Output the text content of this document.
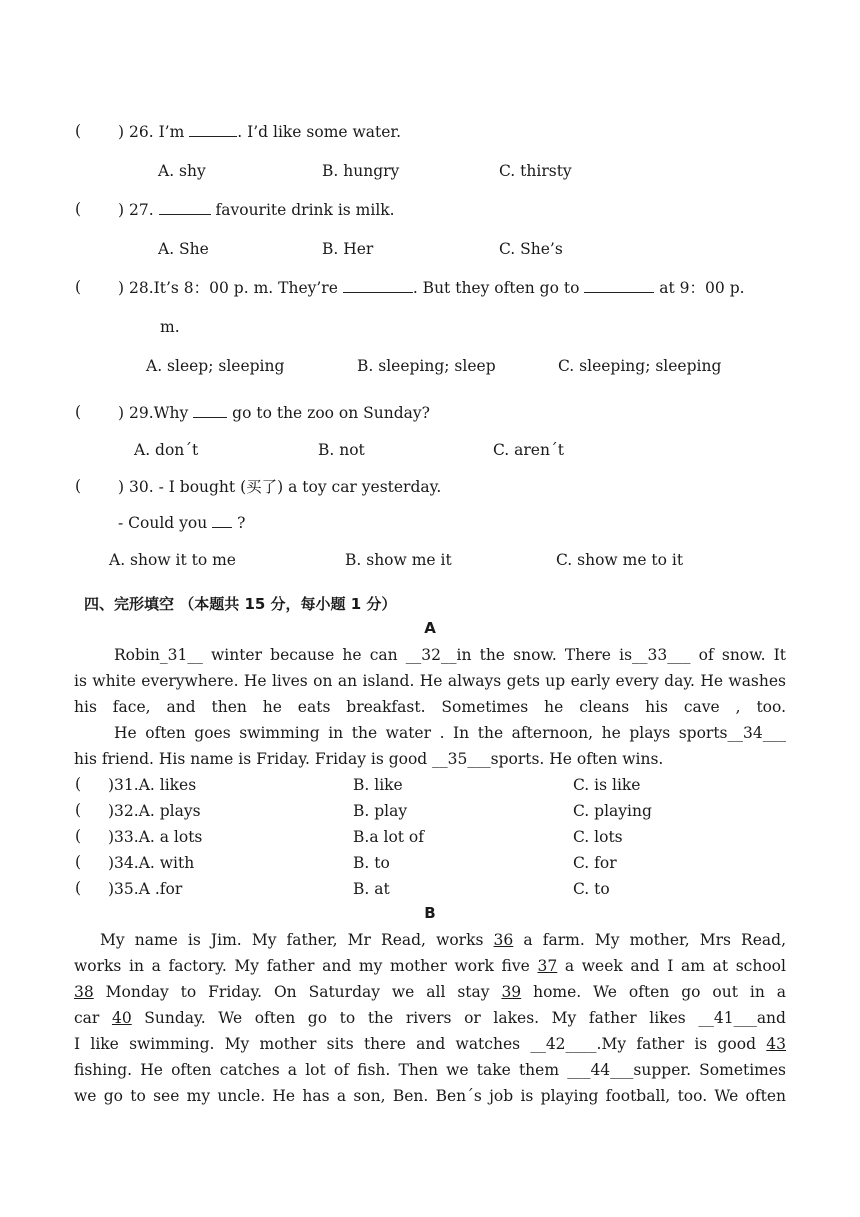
( ) 26. I’m	. I’d like some water.
A. shy	B. hungry	C. thirsty
( ) 27.	favourite drink is milk.
A. She	B. Her	C. She’s
( ) 28.It’s 8：00 p. m. They’re	. But they often go to	at 9：00 p.
m.
A. sleep; sleeping	B. sleeping; sleep	C. sleeping; sleeping
( ) 29.Why	go to the zoo on Sunday?
A. don´t	B. not	C. aren´t
( ) 30. - I bought (买了) a toy car yesterday.
- Could you ?
A. show it to me	B. show me it	C. show me to it
四、完形填空 （本题共 15 分，每小题 1 分）
A
Robin_31__ winter because he can __32__in the snow. There is__33___ of snow. It
is white everywhere. He lives on an island. He always gets up early every day. He washes
his face, and then he eats breakfast. Sometimes he cleans his cave , too.
He often goes swimming in the water . In the afternoon, he plays sports__34___
his friend. His name is Friday. Friday is good __35___sports. He often wins.
( )31.A. likes	B. like	C. is like
( )32.A. plays	B. play	C. playing
( )33.A. a lots	B.a lot of	C. lots
( )34.A. with	B. to	C. for
( )35.A .for	B. at	C. to
B
My name is Jim. My father, Mr Read, works 36 a farm. My mother, Mrs Read,
works in a factory. My father and my mother work five 37 a week and I am at school
38 Monday to Friday. On Saturday we all stay 39 home. We often go out in a
car 40 Sunday. We often go to the rivers or lakes. My father likes __41___and
I like swimming. My mother sits there and watches __42____.My father is good 43
fishing. He often catches a lot of fish. Then we take them ___44___supper. Sometimes
we go to see my uncle. He has a son, Ben. Ben´s job is playing football, too. We often
